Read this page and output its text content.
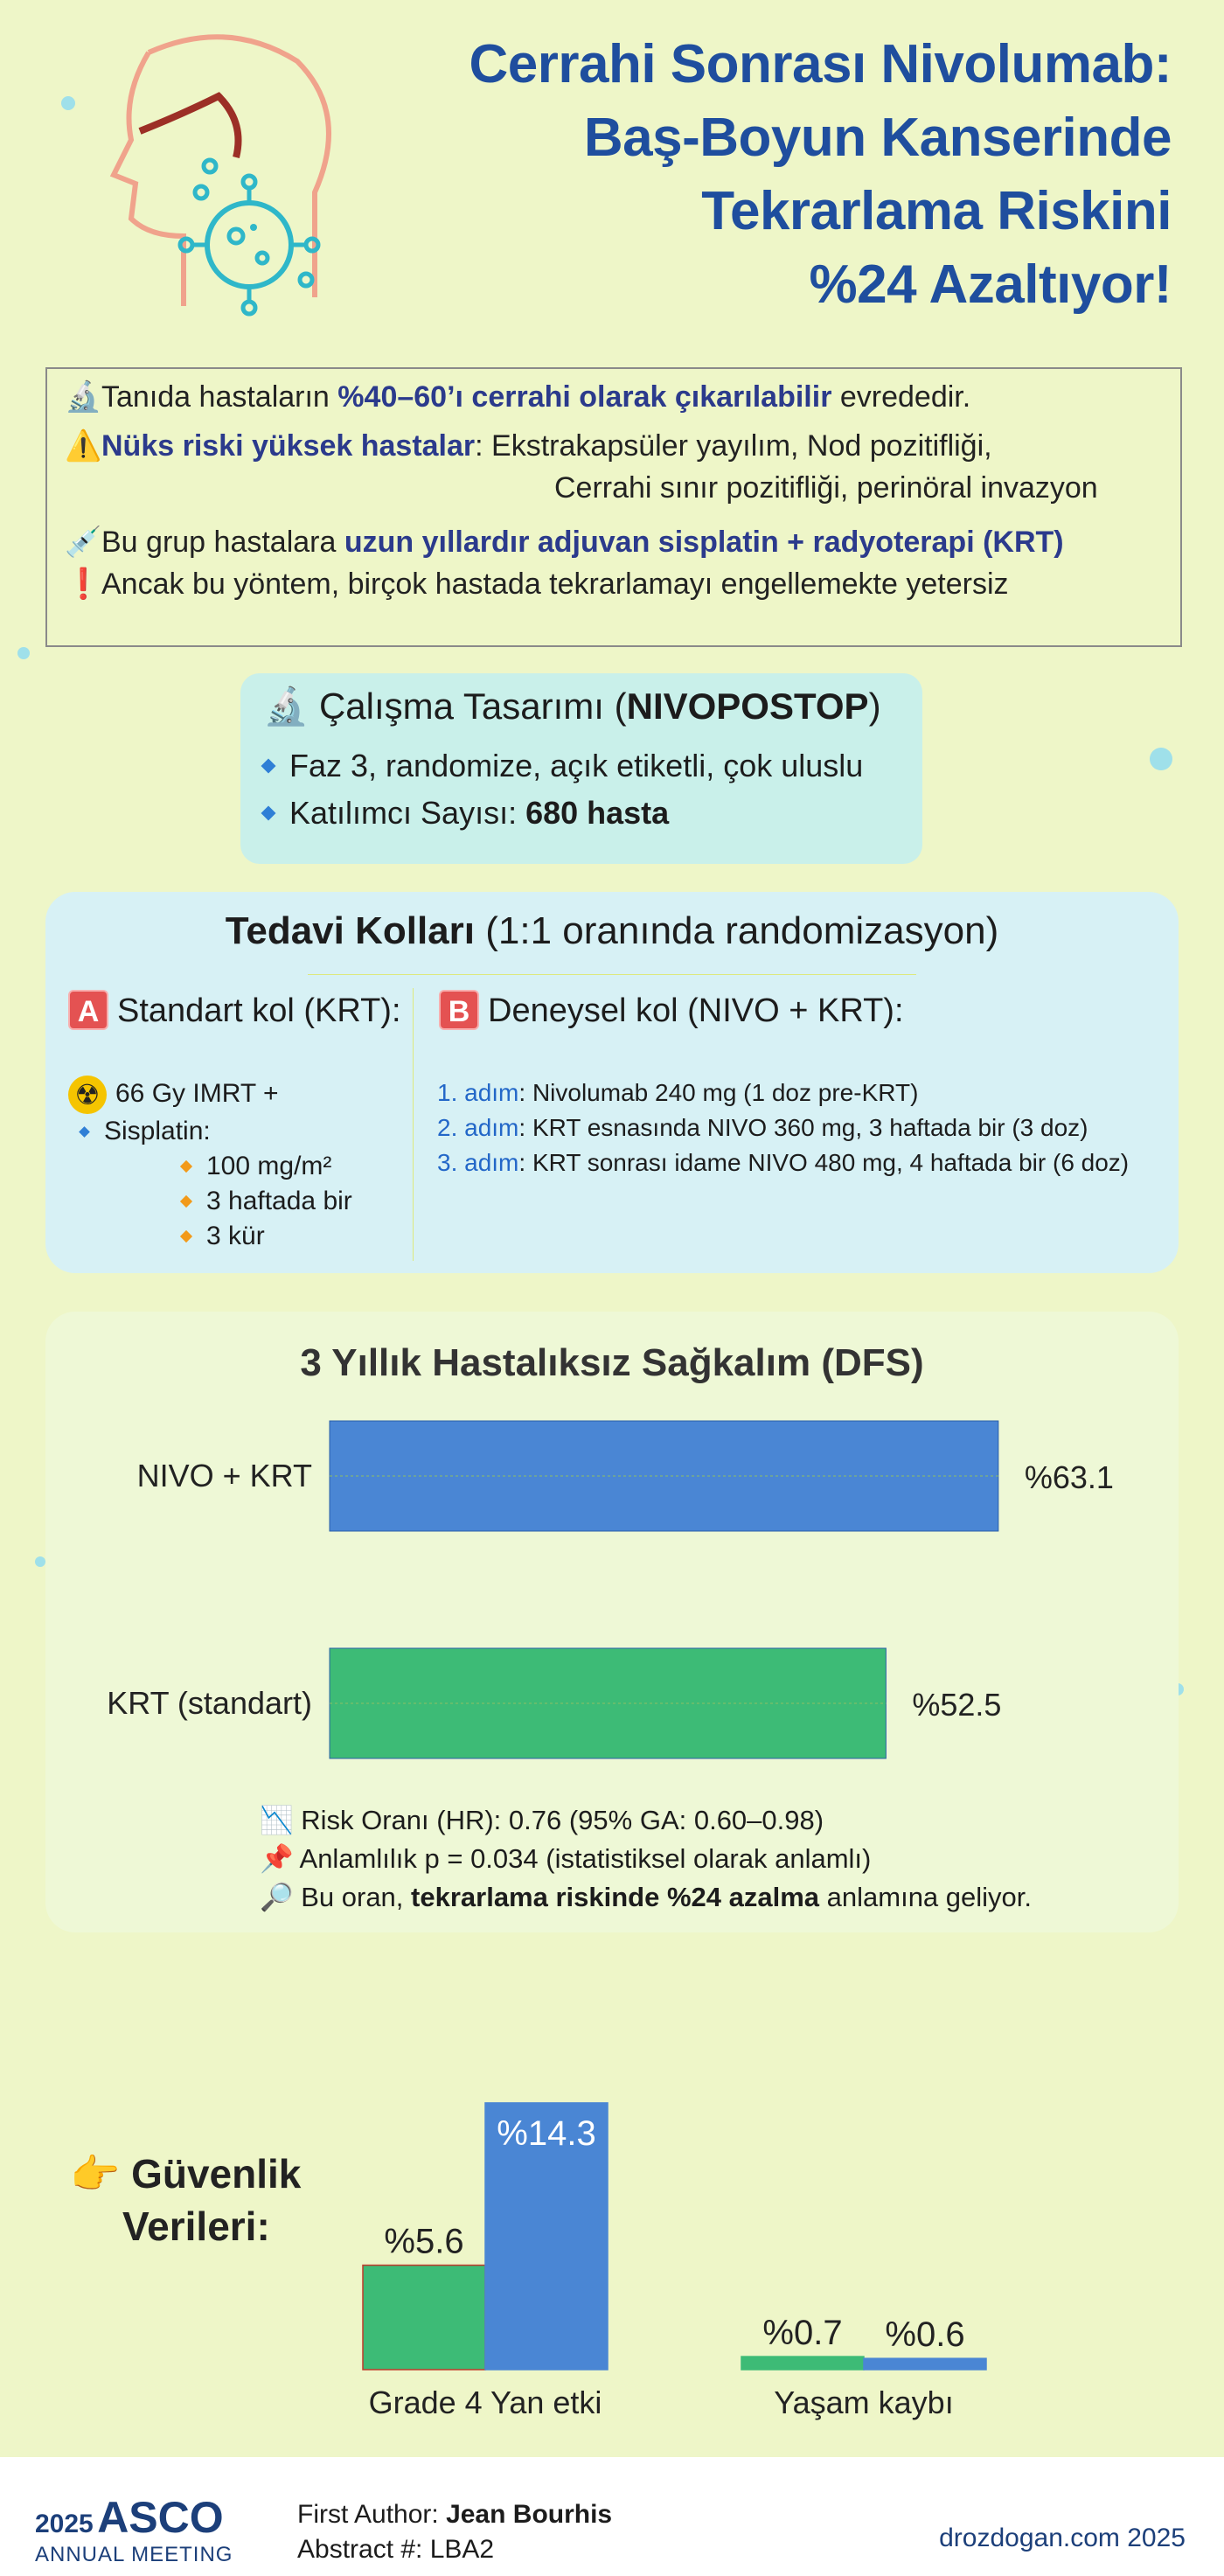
Cerrahi Sonrası Nivolumab:
Baş-Boyun Kanserinde
Tekrarlama Riskini
%24 Azaltıyor!
🔬 Tanıda hastaların %40–60’ı cerrahi olarak çıkarılabilir evrededir.
⚠️ Nüks riski yüksek hastalar: Ekstrakapsüler yayılım, Nod pozitifliği,
Cerrahi sınır pozitifliği, perinöral invazyon
💉 Bu grup hastalara uzun yıllardır adjuvan sisplatin + radyoterapi (KRT)
❗ Ancak bu yöntem, birçok hastada tekrarlamayı engellemekte yetersiz
🔬 Çalışma Tasarımı (NIVOPOSTOP)
Faz 3, randomize, açık etiketli, çok uluslu
Katılımcı Sayısı: 680 hasta
Tedavi Kolları (1:1 oranında randomizasyon)
A Standart kol (KRT):	B Deneysel kol (NIVO + KRT):
☢ 66 Gy IMRT +
Sisplatin:
100 mg/m²
3 haftada bir
3 kür
1. adım: Nivolumab 240 mg (1 doz pre-KRT)
2. adım: KRT esnasında NIVO 360 mg, 3 haftada bir (3 doz)
3. adım: KRT sonrası idame NIVO 480 mg, 4 haftada bir (6 doz)
3 Yıllık Hastalıksız Sağkalım (DFS)
NIVO + KRT	%63.1
KRT (standart)	%52.5
📉 Risk Oranı (HR): 0.76 (95% GA: 0.60–0.98)
📌 Anlamlılık p = 0.034 (istatistiksel olarak anlamlı)
🔎 Bu oran, tekrarlama riskinde %24 azalma anlamına geliyor.
👉 Güvenlik
Verileri:	%5.6
%14.3
Grade 4 Yan etki
%0.7 %0.6
Yaşam kaybı
2025 ASCO
ANNUAL MEETING
First Author: Jean Bourhis
Abstract #: LBA2	drozdogan.com 2025
